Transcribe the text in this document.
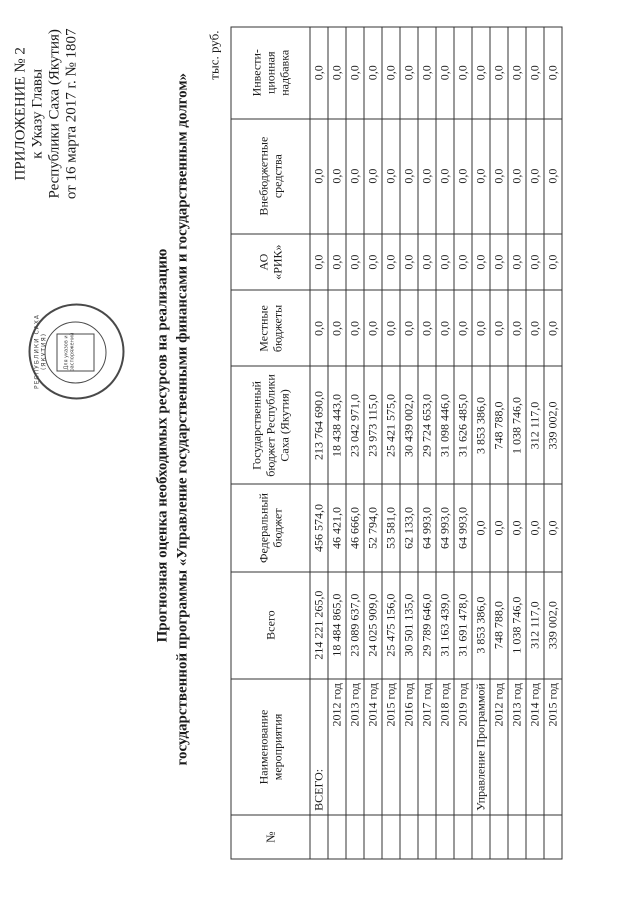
ПРИЛОЖЕНИЕ № 2 к Указу Главы Республики Саха (Якутия) от 16 марта 2017 г. № 1807
РЕСПУБЛИКИ САХА (ЯКУТИЯ)	Для указов и распоряжений	Прогнозная оценка необходимых ресурсов на реализацию государственной программы «Управление государственными финансами и государственным долгом»
тыс. руб.
№	Наименование мероприятия	Всего	Федеральный бюджет	Государственный бюджет Республики Саха (Якутия)	Местные бюджеты	АО «РИК»	Внебюджетные средства	Инвести-ционная надбавка
	ВСЕГО:	214 221 265,0	456 574,0	213 764 690,0	0,0	0,0	0,0	0,0
	2012 год	18 484 865,0	46 421,0	18 438 443,0	0,0	0,0	0,0	0,0
	2013 год	23 089 637,0	46 666,0	23 042 971,0	0,0	0,0	0,0	0,0
	2014 год	24 025 909,0	52 794,0	23 973 115,0	0,0	0,0	0,0	0,0
	2015 год	25 475 156,0	53 581,0	25 421 575,0	0,0	0,0	0,0	0,0
	2016 год	30 501 135,0	62 133,0	30 439 002,0	0,0	0,0	0,0	0,0
	2017 год	29 789 646,0	64 993,0	29 724 653,0	0,0	0,0	0,0	0,0
	2018 год	31 163 439,0	64 993,0	31 098 446,0	0,0	0,0	0,0	0,0
	2019 год	31 691 478,0	64 993,0	31 626 485,0	0,0	0,0	0,0	0,0
	Управление Программой	3 853 386,0	0,0	3 853 386,0	0,0	0,0	0,0	0,0
	2012 год	748 788,0	0,0	748 788,0	0,0	0,0	0,0	0,0
	2013 год	1 038 746,0	0,0	1 038 746,0	0,0	0,0	0,0	0,0
	2014 год	312 117,0	0,0	312 117,0	0,0	0,0	0,0	0,0
	2015 год	339 002,0	0,0	339 002,0	0,0	0,0	0,0	0,0
